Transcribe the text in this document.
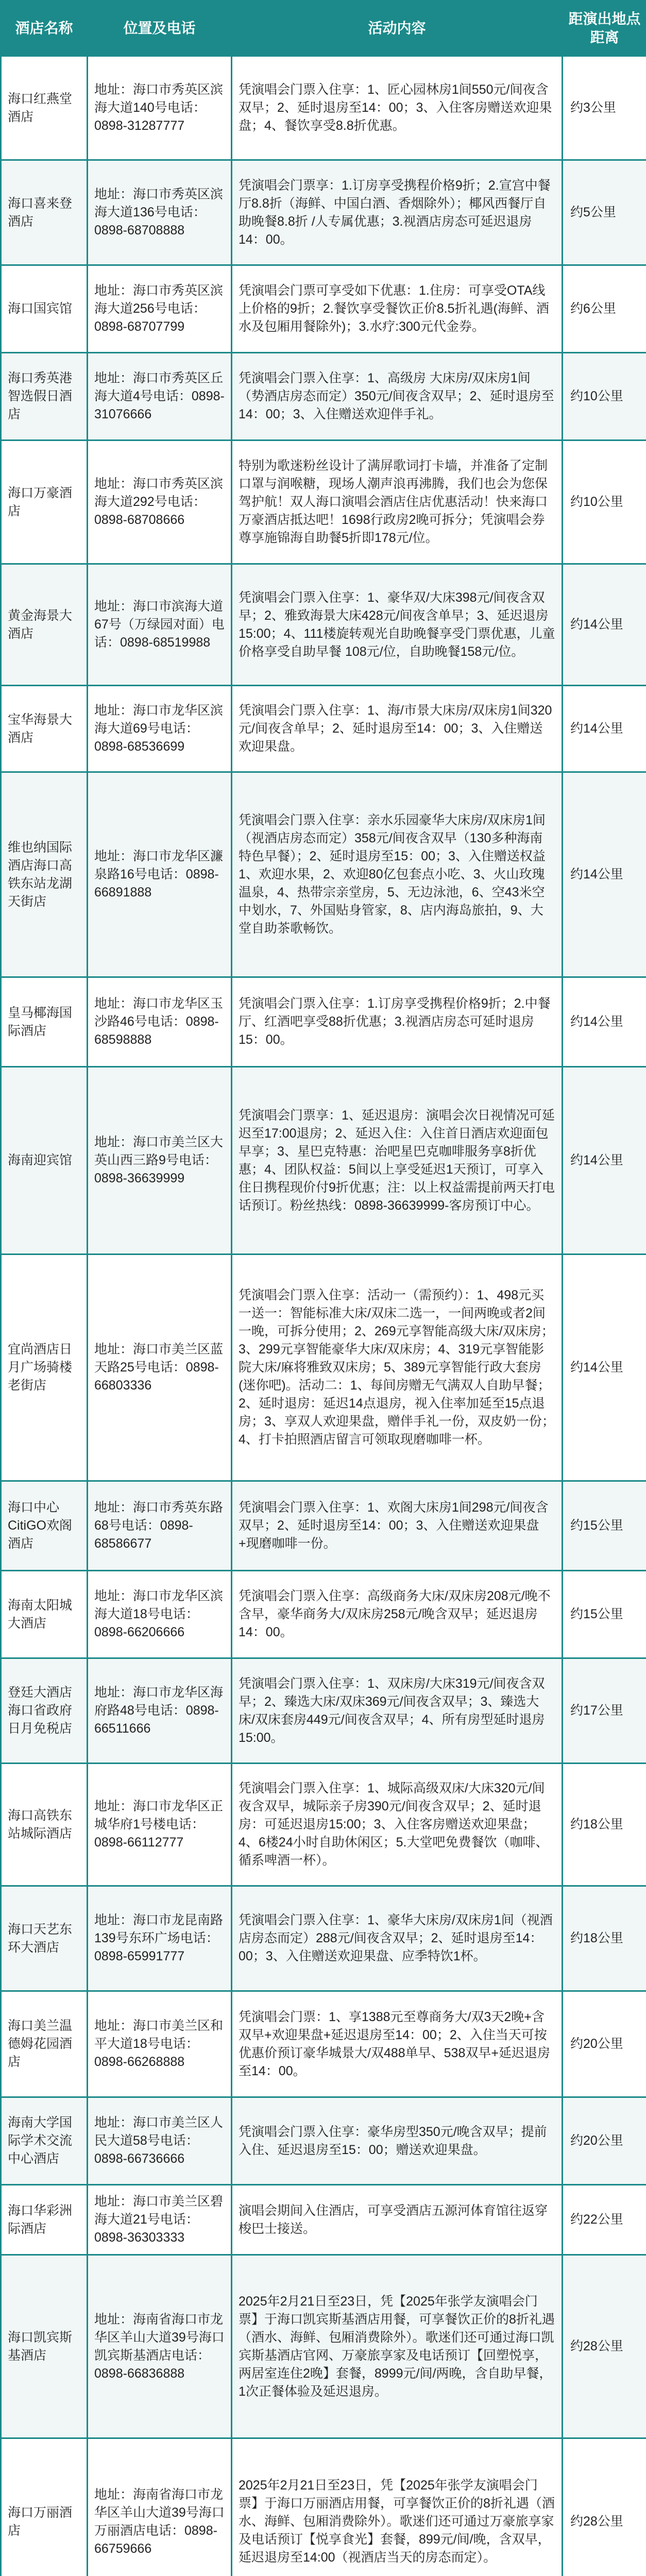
酒店名称	位置及电话	活动内容	距演出地点距离
海口红燕堂酒店	地址：海口市秀英区滨海大道140号电话：0898-31287777	凭演唱会门票入住享：1、匠心园林房1间550元/间夜含双早；2、延时退房至14：00；3、入住客房赠送欢迎果盘；4、餐饮享受8.8折优惠。	约3公里
海口喜来登酒店	地址：海口市秀英区滨海大道136号电话：0898-68708888	凭演唱会门票享：1.订房享受携程价格9折；2.宣宫中餐厅8.8折（海鲜、中国白酒、香烟除外）；椰风西餐厅自助晚餐8.8折 /人专属优惠；3.视酒店房态可延迟退房14：00。	约5公里
海口国宾馆	地址：海口市秀英区滨海大道256号电话：0898-68707799	凭演唱会门票可享受如下优惠：1.住房：可享受OTA线上价格的9折；2.餐饮享受餐饮正价8.5折礼遇(海鲜、酒水及包厢用餐除外)；3.水疗:300元代金券。	约6公里
海口秀英港智选假日酒店	地址：海口市秀英区丘海大道4号电话：0898-31076666	凭演唱会门票入住享：1、高级房 大床房/双床房1间（势酒店房态而定）350元/间夜含双早；2、延时退房至14：00；3、入住赠送欢迎伴手礼。	约10公里
海口万豪酒店	地址：海口市秀英区滨海大道292号电话：0898-68708666	特别为歌迷粉丝设计了满屏歌词打卡墙，并准备了定制口罩与润喉糖，现场人潮声浪再沸腾，我们也会为您保驾护航！双人海口演唱会酒店住店优惠活动！快来海口万豪酒店抵达吧！1698行政房2晚可拆分；凭演唱会券尊享施锦海自助餐5折即178元/位。	约10公里
黄金海景大酒店	地址：海口市滨海大道67号（万绿园对面）电话：0898-68519988	凭演唱会门票入住享：1、豪华双/大床398元/间夜含双早；2、雅致海景大床428元/间夜含单早；3、延迟退房15:00；4、111楼旋转观光自助晚餐享受门票优惠，儿童价格享受自助早餐 108元/位，自助晚餐158元/位。	约14公里
宝华海景大酒店	地址：海口市龙华区滨海大道69号电话：0898-68536699	凭演唱会门票入住享：1、海/市景大床房/双床房1间320元/间夜含单早；2、延时退房至14：00；3、入住赠送欢迎果盘。	约14公里
维也纳国际酒店海口高铁东站龙湖天街店	地址：海口市龙华区濂泉路16号电话：0898-66891888	凭演唱会门票入住享：亲水乐园豪华大床房/双床房1间（视酒店房态而定）358元/间夜含双早（130多种海南特色早餐）；2、延时退房至15：00；3、入住赠送权益1、欢迎水果，2、欢迎80亿包套点小吃、3、火山玫瑰温泉，4、热带宗亲堂房，5、无边泳池，6、空43米空中划水，7、外国贴身管家，8、店内海岛旅拍，9、大堂自助茶歌畅饮。	约14公里
皇马椰海国际酒店	地址：海口市龙华区玉沙路46号电话：0898-68598888	凭演唱会门票入住享：1.订房享受携程价格9折；2.中餐厅、红酒吧享受88折优惠；3.视酒店房态可延时退房15：00。	约14公里
海南迎宾馆	地址：海口市美兰区大英山西三路9号电话：0898-36639999	凭演唱会门票享：1、延迟退房：演唱会次日视情况可延迟至17:00退房；2、延迟入住：入住首日酒店欢迎面包早享；3、星巴克特惠：治吧星巴克咖啡服务享8折优惠；4、团队权益：5间以上享受延迟1天预订，可享入住日携程现价付9折优惠；注：以上权益需提前两天打电话预订。粉丝热线：0898-36639999-客房预订中心。	约14公里
宜尚酒店日月广场骑楼老街店	地址：海口市美兰区蓝天路25号电话：0898-66803336	凭演唱会门票入住享：活动一（需预约）：1、498元买一送一：智能标准大床/双床二选一，一间两晚或者2间一晚，可拆分使用；2、269元享智能高级大床/双床房；3、299元享智能豪华大床/双床房；4、319元享智能影院大床/麻将雅致双床房；5、389元享智能行政大套房(迷你吧)。活动二：1、每间房赠无气满双人自助早餐；2、延时退房：延迟14点退房，视入住率加延至15点退房；3、享双人欢迎果盘，赠伴手礼一份，双皮奶一份；4、打卡拍照酒店留言可领取现磨咖啡一杯。	约14公里
海口中心CitiGO欢阁酒店	地址：海口市秀英东路68号电话：0898-68586677	凭演唱会门票入住享：1、欢阁大床房1间298元/间夜含双早；2、延时退房至14：00；3、入住赠送欢迎果盘+现磨咖啡一份。	约15公里
海南太阳城大酒店	地址：海口市龙华区滨海大道18号电话：0898-66206666	凭演唱会门票入住享：高级商务大床/双床房208元/晚不含早，豪华商务大/双床房258元/晚含双早；延迟退房14：00。	约15公里
登廷大酒店海口省政府日月免税店	地址：海口市龙华区海府路48号电话：0898-66511666	凭演唱会门票入住享：1、双床房/大床319元/间夜含双早；2、臻选大床/双床369元/间夜含双早；3、臻选大床/双床套房449元/间夜含双早；4、所有房型延时退房15:00。	约17公里
海口高铁东站城际酒店	地址：海口市龙华区正城华府1号楼电话：0898-66112777	凭演唱会门票入住享：1、城际高级双床/大床320元/间夜含双早，城际亲子房390元/间夜含双早；2、延时退房：可延迟退房15:00；3、入住客房赠送欢迎果盘；4、6楼24小时自助休闲区；5.大堂吧免费餐饮（咖啡、循系啤酒一杯）。	约18公里
海口天艺东环大酒店	地址：海口市龙昆南路139号东环广场电话：0898-65991777	凭演唱会门票入住享：1、豪华大床房/双床房1间（视酒店房态而定）288元/间夜含双早；2、延时退房至14：00；3、入住赠送欢迎果盘、应季特饮1杯。	约18公里
海口美兰温德姆花园酒店	地址：海口市美兰区和平大道18号电话：0898-66268888	凭演唱会门票：1、享1388元至尊商务大/双3天2晚+含双早+欢迎果盘+延迟退房至14：00；2、入住当天可按优惠价预订豪华城景大/双488单早、538双早+延迟退房至14：00。	约20公里
海南大学国际学术交流中心酒店	地址：海口市美兰区人民大道58号电话：0898-66736666	凭演唱会门票入住享：豪华房型350元/晚含双早；提前入住、延迟退房至15：00；赠送欢迎果盘。	约20公里
海口华彩洲际酒店	地址：海口市美兰区碧海大道21号电话：0898-36303333	演唱会期间入住酒店，可享受酒店五源河体育馆往返穿梭巴士接送。	约22公里
海口凯宾斯基酒店	地址：海南省海口市龙华区羊山大道39号海口凯宾斯基酒店电话：0898-66836888	2025年2月21日至23日，凭【2025年张学友演唱会门票】于海口凯宾斯基酒店用餐，可享餐饮正价的8折礼遇（酒水、海鲜、包厢消费除外）。歌迷们还可通过海口凯宾斯基酒店官网、万豪旅享家及电话预订【回塑悦享，两居室连住2晚】套餐，8999元/间/两晚，含自助早餐，1次正餐体验及延迟退房。	约28公里
海口万丽酒店	地址：海南省海口市龙华区羊山大道39号海口万丽酒店电话：0898-66759666	2025年2月21日至23日，凭【2025年张学友演唱会门票】于海口万丽酒店用餐，可享餐饮正价的8折礼遇（酒水、海鲜、包厢消费除外）。歌迷们还可通过万豪旅享家及电话预订【悦享食光】套餐，899元/间/晚，含双早，延迟退房至14:00（视酒店当天的房态而定）。	约28公里
